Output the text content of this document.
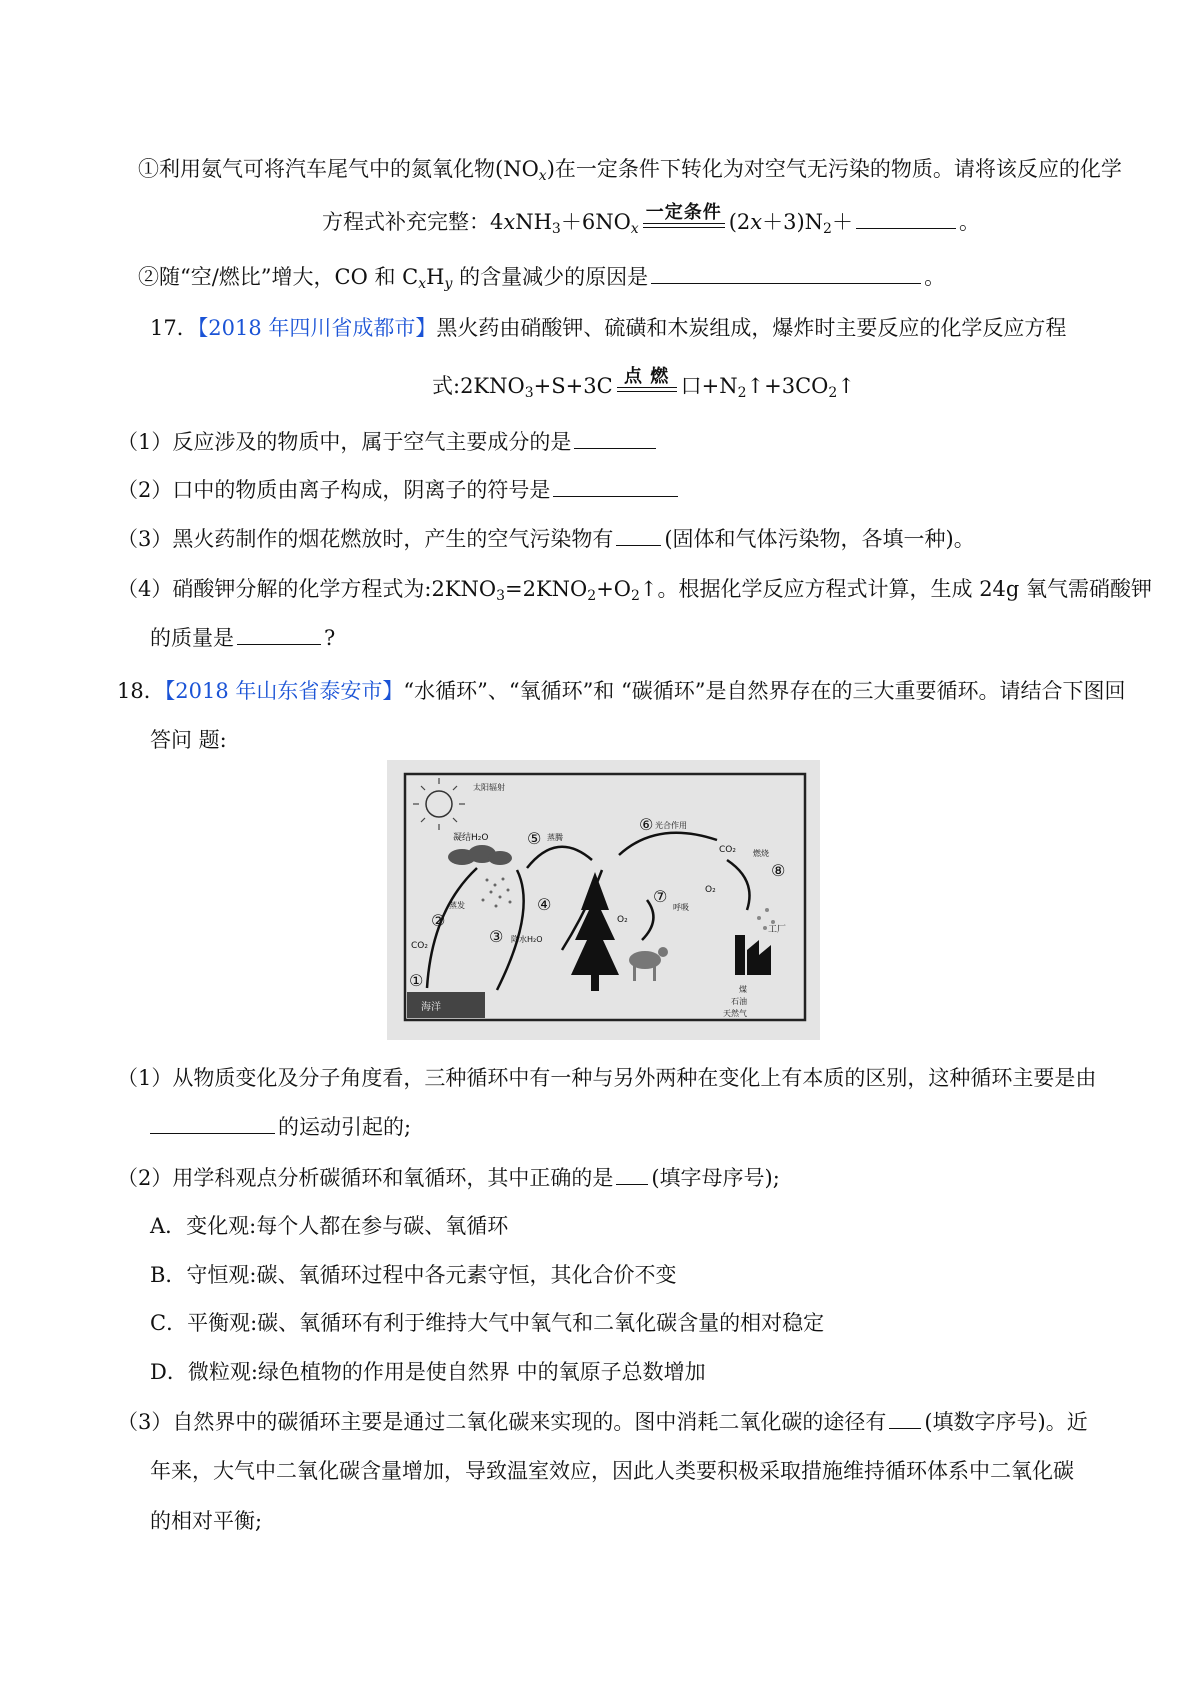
①利用氨气可将汽车尾气中的氮氧化物$(NO_x)$在一定条件下转化为对空气无污染的物质。请将该反应的化学
方程式补充完整：$4xNH_3+6NO_x$
一定条件 $(2x+3)N_2+$	。
②随“空/燃比”增大，CO 和 $C_xH_y$ 的含量减少的原因是	。
17．【2018 年四川省成都市】黑火药由硝酸钾、硫磺和木炭组成，爆炸时主要反应的化学反应方程
式$:2KNO_3+S+3C$ 点 燃 口$+N_2↑+3CO_2↑$
（1）反应涉及的物质中，属于空气主要成分的是
（2）口中的物质由离子构成，阴离子的符号是
（3）黑火药制作的烟花燃放时，产生的空气污染物有 (固体和气体污染物，各填一种)。
（4）硝酸钾分解的化学方程式为$:2KNO_3=2KNO_2+O_2↑$。根据化学反应方程式计算，生成 24g 氧气需硝酸钾
的质量是	?
18．【2018 年山东省泰安市】“水循环”、“氧循环”和 “碳循环”是自然界存在的三大重要循环。请结合下图回
答问 题:
太阳辐射
凝结H₂O
海洋
工厂
蒸腾
光合作用
CO₂ 燃烧
呼吸
O₂
O₂
蒸发
降水H₂O
CO₂
煤
石油
天然气
①
②
③
④
⑤
⑥
⑦
⑧
（1）从物质变化及分子角度看，三种循环中有一种与另外两种在变化上有本质的区别，这种循环主要是由
的运动引起的;
（2）用学科观点分析碳循环和氧循环，其中正确的是 (填字母序号);
A．变化观:每个人都在参与碳、氧循环
B．守恒观:碳、氧循环过程中各元素守恒，其化合价不变
C．平衡观:碳、氧循环有利于维持大气中氧气和二氧化碳含量的相对稳定
D．微粒观:绿色植物的作用是使自然界 中的氧原子总数增加
（3）自然界中的碳循环主要是通过二氧化碳来实现的。图中消耗二氧化碳的途径有 (填数字序号)。近
年来，大气中二氧化碳含量增加，导致温室效应，因此人类要积极采取措施维持循环体系中二氧化碳
的相对平衡;
